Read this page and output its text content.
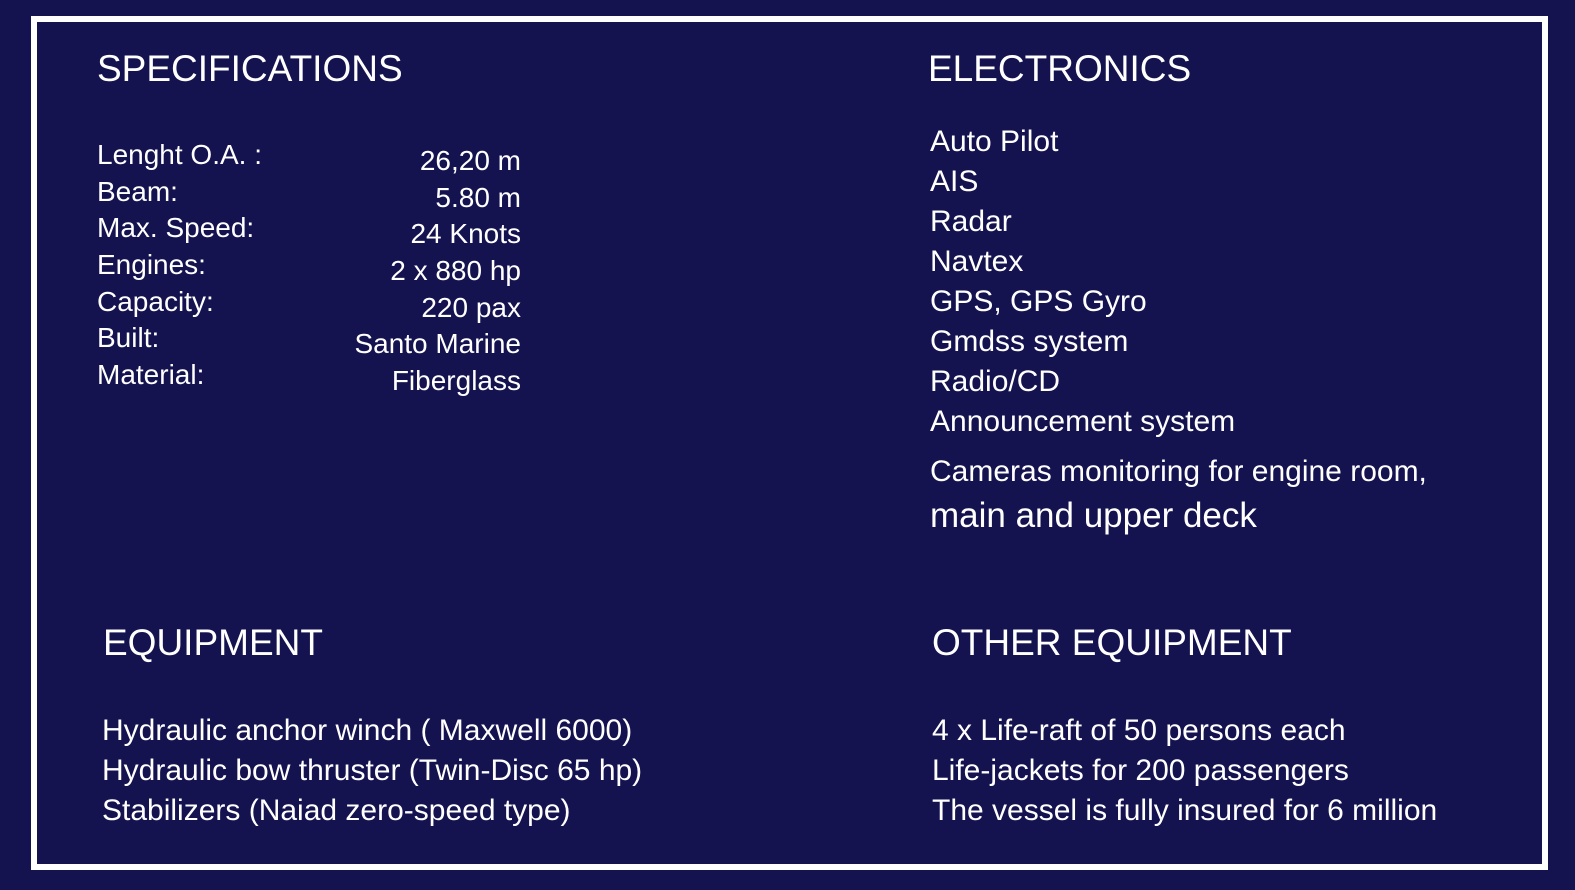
SPECIFICATIONS
Lenght O.A. :	26,20 m
Beam:	5.80 m
Max. Speed:	24 Knots
Engines:	2 x 880 hp
Capacity:	220 pax
Built:	Santo Marine
Material:	Fiberglass
ELECTRONICS
Auto Pilot
AIS
Radar
Navtex
GPS, GPS Gyro
Gmdss system
Radio/CD
Announcement system
Cameras monitoring for engine room,
main and upper deck
EQUIPMENT
Hydraulic anchor winch ( Maxwell 6000)
Hydraulic bow thruster (Twin-Disc 65 hp)
Stabilizers (Naiad zero-speed type)
OTHER EQUIPMENT
4 x Life-raft of 50 persons each
Life-jackets for 200 passengers
The vessel is fully insured for 6 million
